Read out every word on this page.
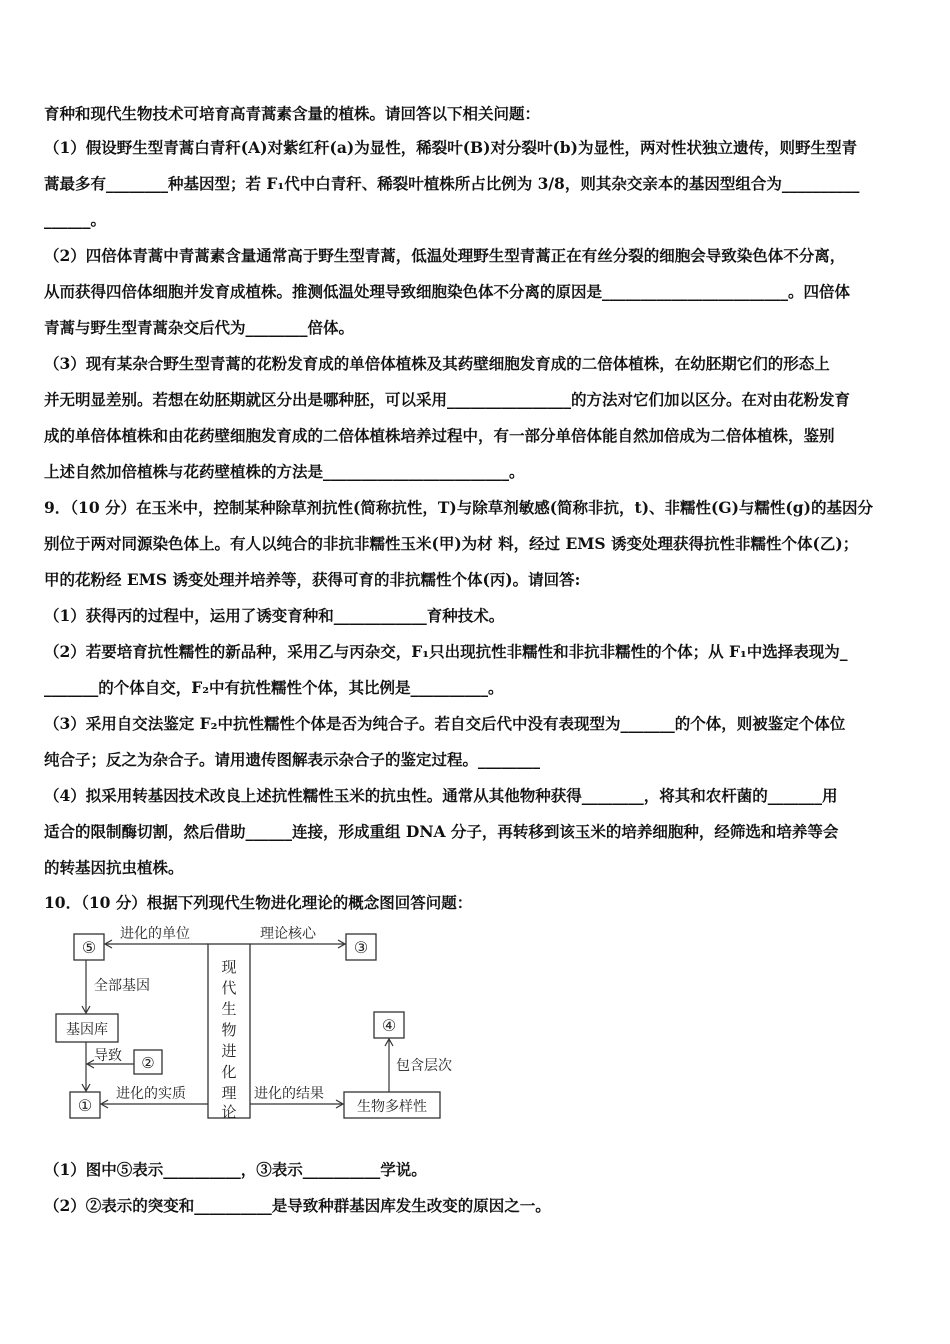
育种和现代生物技术可培育高青蒿素含量的植株。请回答以下相关问题：
（1）假设野生型青蒿白青秆(A)对紫红秆(a)为显性，稀裂叶(B)对分裂叶(b)为显性，两对性状独立遗传，则野生型青
蒿最多有________种基因型；若 F₁代中白青秆、稀裂叶植株所占比例为 3/8，则其杂交亲本的基因型组合为__________
______。
（2）四倍体青蒿中青蒿素含量通常高于野生型青蒿，低温处理野生型青蒿正在有丝分裂的细胞会导致染色体不分离，
从而获得四倍体细胞并发育成植株。推测低温处理导致细胞染色体不分离的原因是________________________。四倍体
青蒿与野生型青蒿杂交后代为________倍体。
（3）现有某杂合野生型青蒿的花粉发育成的单倍体植株及其药壁细胞发育成的二倍体植株，在幼胚期它们的形态上
并无明显差别。若想在幼胚期就区分出是哪种胚，可以采用________________的方法对它们加以区分。在对由花粉发育
成的单倍体植株和由花药壁细胞发育成的二倍体植株培养过程中，有一部分单倍体能自然加倍成为二倍体植株，鉴别
上述自然加倍植株与花药壁植株的方法是________________________。
9．（10 分）在玉米中，控制某种除草剂抗性(简称抗性，T)与除草剂敏感(简称非抗，t)、非糯性(G)与糯性(g)的基因分
别位于两对同源染色体上。有人以纯合的非抗非糯性玉米(甲)为材 料，经过 EMS 诱变处理获得抗性非糯性个体(乙)；
甲的花粉经 EMS 诱变处理并培养等，获得可育的非抗糯性个体(丙)。请回答:
（1）获得丙的过程中，运用了诱变育种和____________育种技术。
（2）若要培育抗性糯性的新品种，采用乙与丙杂交，F₁只出现抗性非糯性和非抗非糯性的个体；从 F₁中选择表现为_
_______的个体自交，F₂中有抗性糯性个体，其比例是__________。
（3）采用自交法鉴定 F₂中抗性糯性个体是否为纯合子。若自交后代中没有表现型为_______的个体，则被鉴定个体位
纯合子；反之为杂合子。请用遗传图解表示杂合子的鉴定过程。________
（4）拟采用转基因技术改良上述抗性糯性玉米的抗虫性。通常从其他物种获得________，将其和农杆菌的_______用
适合的限制酶切割，然后借助______连接，形成重组 DNA 分子，再转移到该玉米的培养细胞种，经筛选和培养等会
的转基因抗虫植株。
10．（10 分）根据下列现代生物进化理论的概念图回答问题：
现
代
生
物
进
化
理
论
⑤	③
进化的单位	理论核心
全部基因
基因库
②
导致
①
进化的实质
生物多样性
进化的结果
④
包含层次
（1）图中⑤表示__________，③表示__________学说。
（2）②表示的突变和__________是导致种群基因库发生改变的原因之一。
